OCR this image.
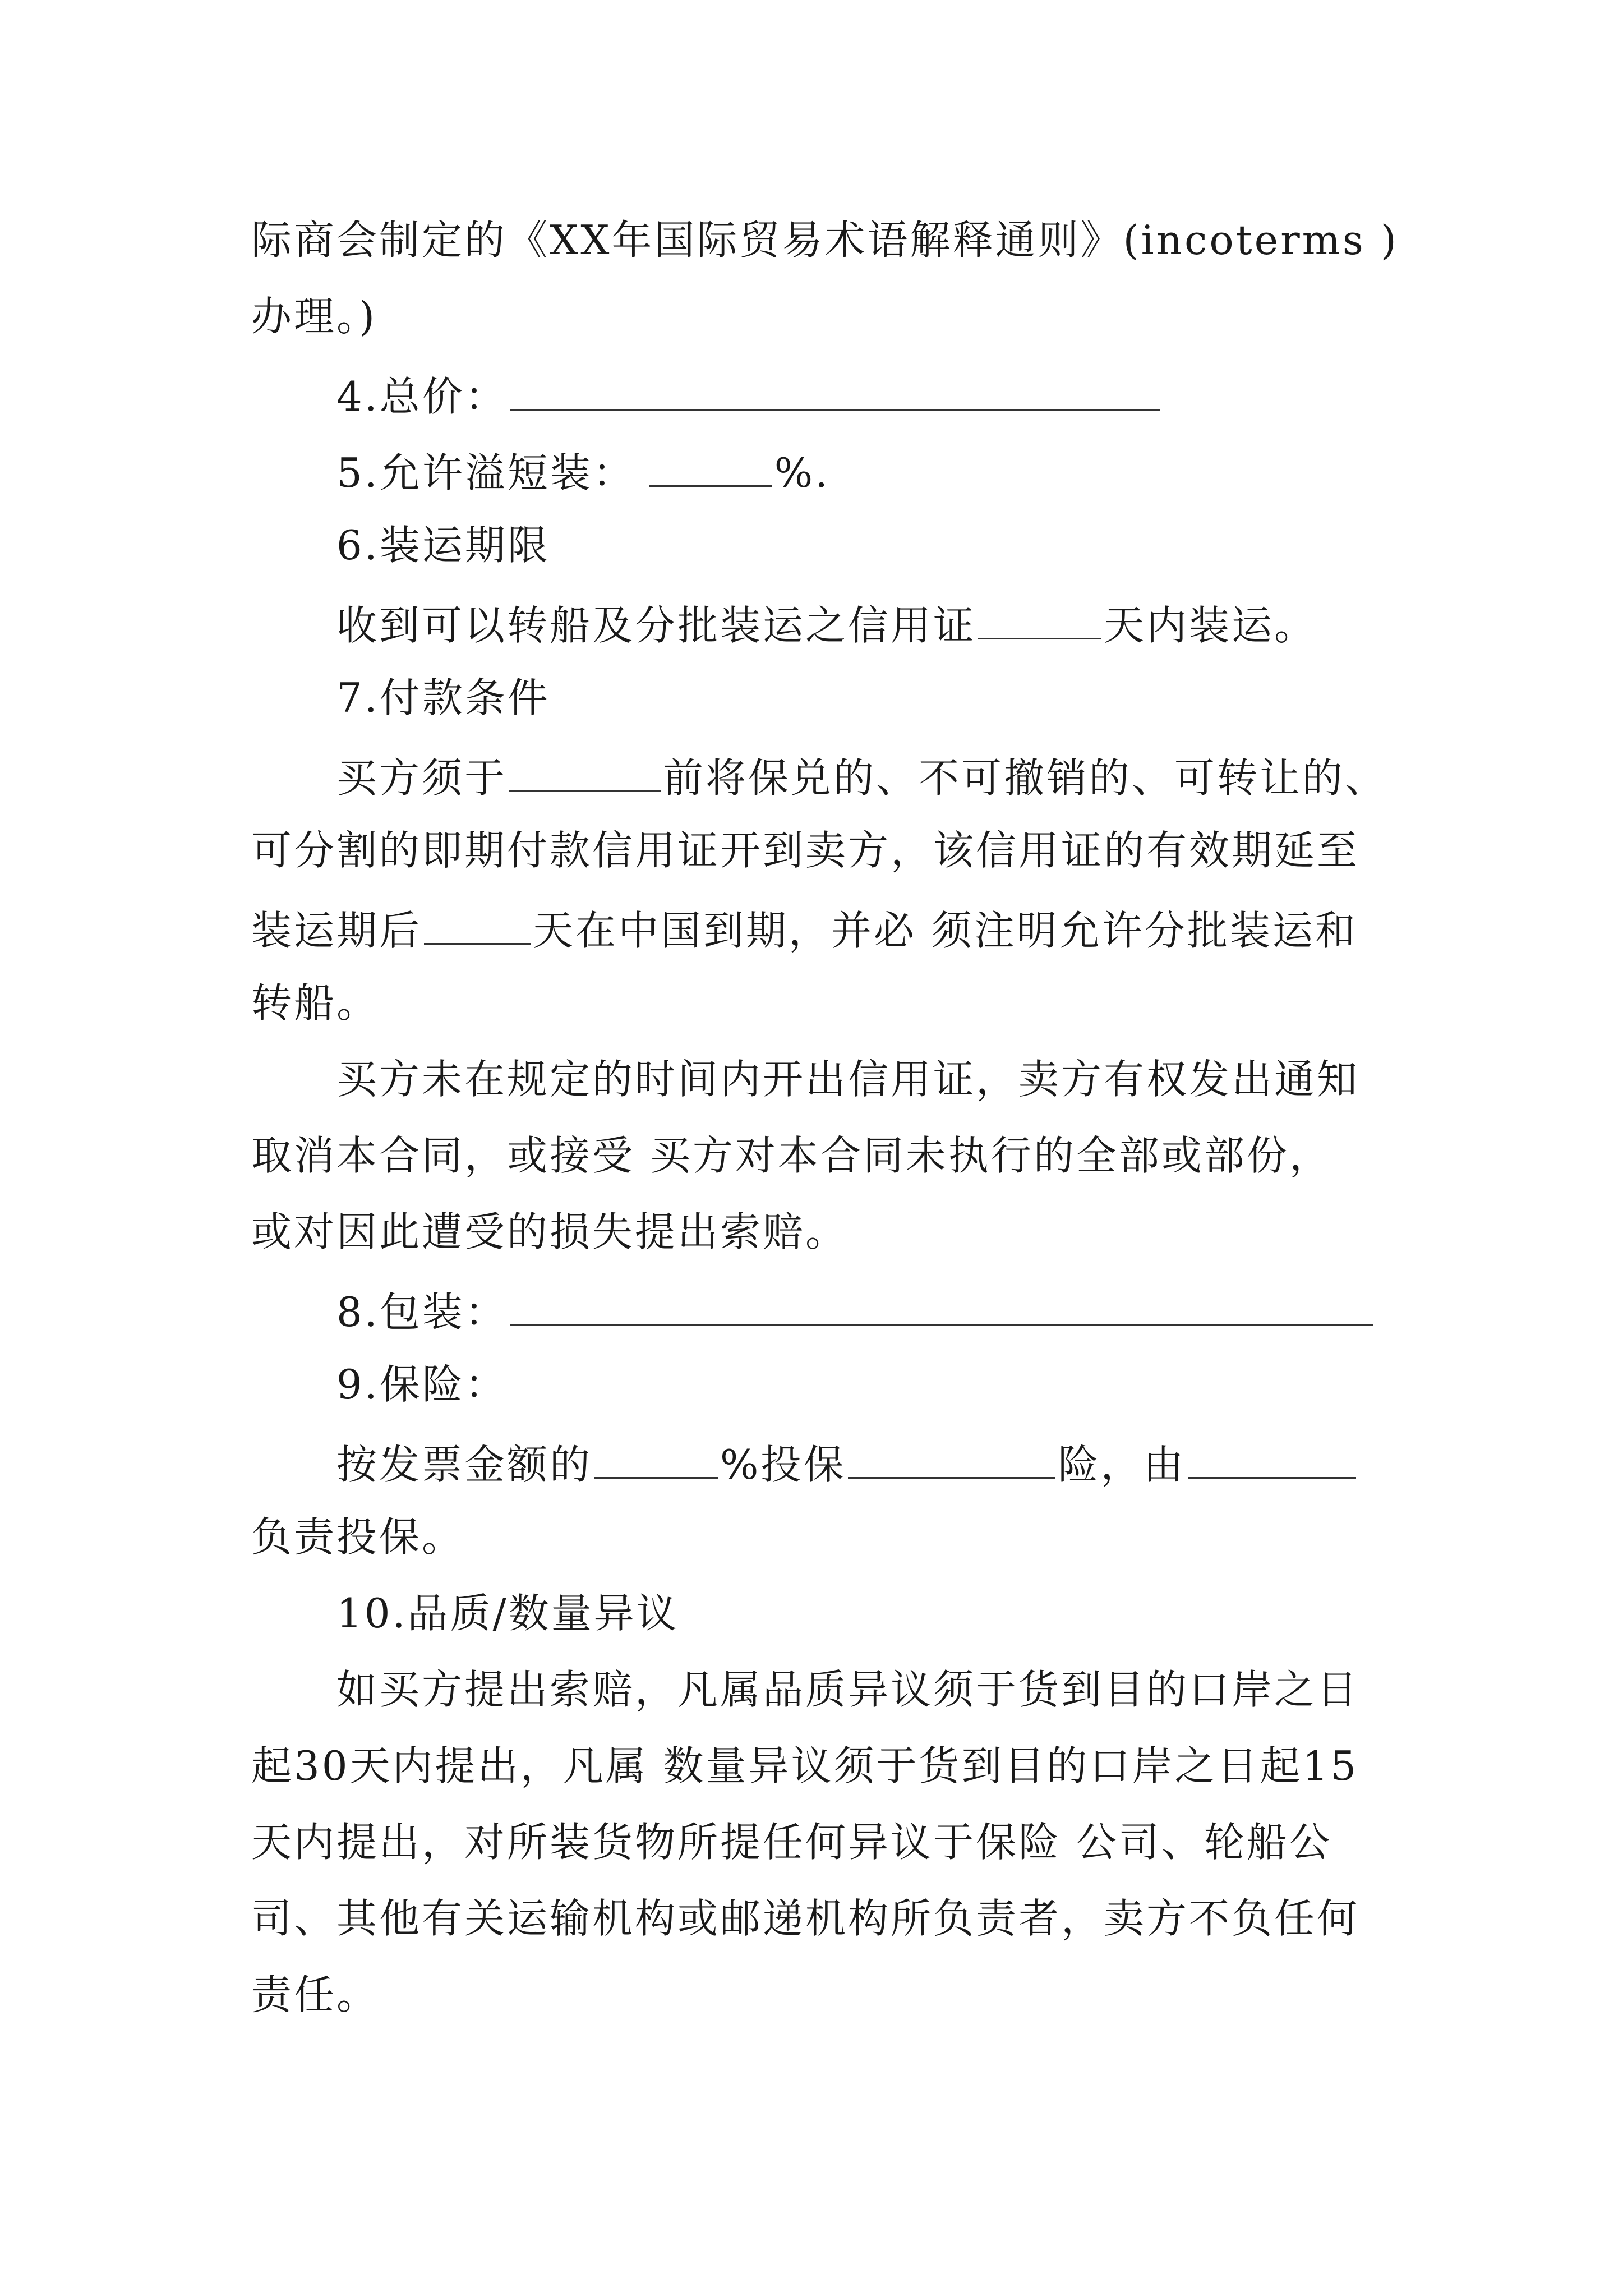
际商会制定的《XX年国际贸易术语解释通则》(incoterms )
办理。)
4.总价：
5.允许溢短装：	%.
6.装运期限
收到可以转船及分批装运之信用证	天内装运。
7.付款条件
买方须于	前将保兑的、不可撤销的、可转让的、
可分割的即期付款信用证开到卖方，该信用证的有效期延至
装运期后	天在中国到期，并必 须注明允许分批装运和
转船。
买方未在规定的时间内开出信用证，卖方有权发出通知
取消本合同，或接受 买方对本合同未执行的全部或部份，
或对因此遭受的损失提出索赔。
8.包装：
9.保险：
按发票金额的	%投保	险，由
负责投保。
10.品质/数量异议
如买方提出索赔，凡属品质异议须于货到目的口岸之日
起30天内提出，凡属 数量异议须于货到目的口岸之日起15
天内提出，对所装货物所提任何异议于保险 公司、轮船公
司、其他有关运输机构或邮递机构所负责者，卖方不负任何
责任。
